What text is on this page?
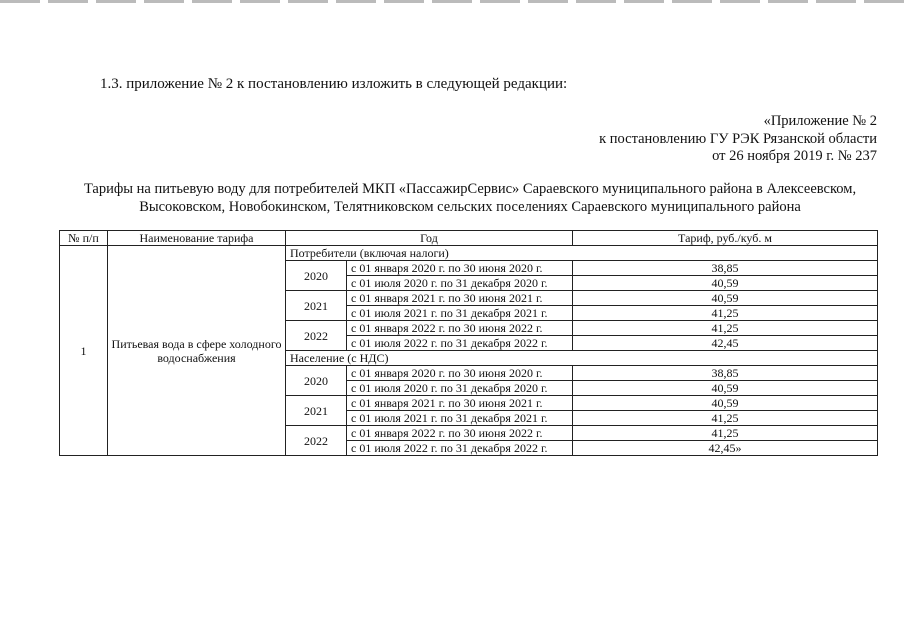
1.3. приложение № 2 к постановлению изложить в следующей редакции:
«Приложение № 2
к постановлению ГУ РЭК Рязанской области
от 26 ноября 2019 г. № 237
Тарифы на питьевую воду для потребителей МКП «ПассажирСервис» Сараевского муниципального района в Алексеевском,
Высоковском, Новобокинском, Телятниковском сельских поселениях Сараевского муниципального района
№ п/п	Наименование тарифа	Год		Тариф, руб./куб. м
1	Питьевая вода в сфере холодного водоснабжения	Потребители (включая налоги)		
		2020	с 01 января 2020 г. по 30 июня 2020 г.	38,85
			с 01 июля 2020 г. по 31 декабря 2020 г.	40,59
		2021	с 01 января 2021 г. по 30 июня 2021 г.	40,59
			с 01 июля 2021 г. по 31 декабря 2021 г.	41,25
		2022	с 01 января 2022 г. по 30 июня 2022 г.	41,25
			с 01 июля 2022 г. по 31 декабря 2022 г.	42,45
		Население (с НДС)		
		2020	с 01 января 2020 г. по 30 июня 2020 г.	38,85
			с 01 июля 2020 г. по 31 декабря 2020 г.	40,59
		2021	с 01 января 2021 г. по 30 июня 2021 г.	40,59
			с 01 июля 2021 г. по 31 декабря 2021 г.	41,25
		2022	с 01 января 2022 г. по 30 июня 2022 г.	41,25
			с 01 июля 2022 г. по 31 декабря 2022 г.	42,45»
